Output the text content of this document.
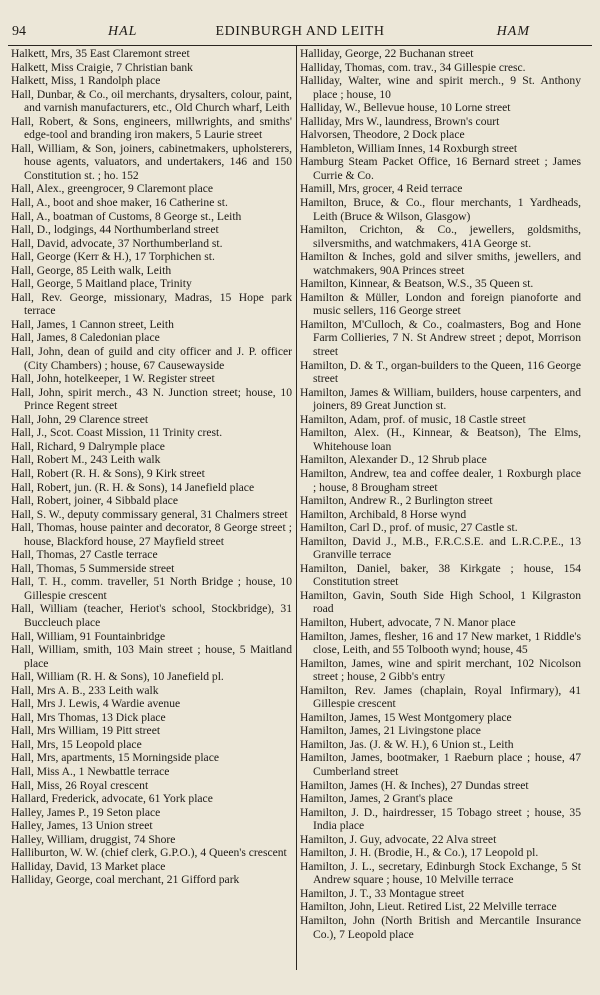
94	HAL	EDINBURGH AND LEITH	HAM
Halkett, Mrs, 35 East Claremont street
Halkett, Miss Craigie, 7 Christian bank
Halkett, Miss, 1 Randolph place
Hall, Dunbar, & Co., oil merchants, drysalters, colour, paint, and varnish manufacturers, etc., Old Church wharf, Leith
Hall, Robert, & Sons, engineers, millwrights, and smiths' edge-tool and branding iron makers, 5 Laurie street
Hall, William, & Son, joiners, cabinetmakers, upholsterers, house agents, valuators, and undertakers, 146 and 150 Constitution st. ; ho. 152
Hall, Alex., greengrocer, 9 Claremont place
Hall, A., boot and shoe maker, 16 Catherine st.
Hall, A., boatman of Customs, 8 George st., Leith
Hall, D., lodgings, 44 Northumberland street
Hall, David, advocate, 37 Northumberland st.
Hall, George (Kerr & H.), 17 Torphichen st.
Hall, George, 85 Leith walk, Leith
Hall, George, 5 Maitland place, Trinity
Hall, Rev. George, missionary, Madras, 15 Hope park terrace
Hall, James, 1 Cannon street, Leith
Hall, James, 8 Caledonian place
Hall, John, dean of guild and city officer and J. P. officer (City Chambers) ; house, 67 Causewayside
Hall, John, hotelkeeper, 1 W. Register street
Hall, John, spirit merch., 43 N. Junction street; house, 10 Prince Regent street
Hall, John, 29 Clarence street
Hall, J., Scot. Coast Mission, 11 Trinity crest.
Hall, Richard, 9 Dalrymple place
Hall, Robert M., 243 Leith walk
Hall, Robert (R. H. & Sons), 9 Kirk street
Hall, Robert, jun. (R. H. & Sons), 14 Janefield place
Hall, Robert, joiner, 4 Sibbald place
Hall, S. W., deputy commissary general, 31 Chalmers street
Hall, Thomas, house painter and decorator, 8 George street ; house, Blackford house, 27 Mayfield street
Hall, Thomas, 27 Castle terrace
Hall, Thomas, 5 Summerside street
Hall, T. H., comm. traveller, 51 North Bridge ; house, 10 Gillespie crescent
Hall, William (teacher, Heriot's school, Stockbridge), 31 Buccleuch place
Hall, William, 91 Fountainbridge
Hall, William, smith, 103 Main street ; house, 5 Maitland place
Hall, William (R. H. & Sons), 10 Janefield pl.
Hall, Mrs A. B., 233 Leith walk
Hall, Mrs J. Lewis, 4 Wardie avenue
Hall, Mrs Thomas, 13 Dick place
Hall, Mrs William, 19 Pitt street
Hall, Mrs, 15 Leopold place
Hall, Mrs, apartments, 15 Morningside place
Hall, Miss A., 1 Newbattle terrace
Hall, Miss, 26 Royal crescent
Hallard, Frederick, advocate, 61 York place
Halley, James P., 19 Seton place
Halley, James, 13 Union street
Halley, William, druggist, 74 Shore
Halliburton, W. W. (chief clerk, G.P.O.), 4 Queen's crescent
Halliday, David, 13 Market place
Halliday, George, coal merchant, 21 Gifford park
Halliday, George, 22 Buchanan street
Halliday, Thomas, com. trav., 34 Gillespie cresc.
Halliday, Walter, wine and spirit merch., 9 St. Anthony place ; house, 10
Halliday, W., Bellevue house, 10 Lorne street
Halliday, Mrs W., laundress, Brown's court
Halvorsen, Theodore, 2 Dock place
Hambleton, William Innes, 14 Roxburgh street
Hamburg Steam Packet Office, 16 Bernard street ; James Currie & Co.
Hamill, Mrs, grocer, 4 Reid terrace
Hamilton, Bruce, & Co., flour merchants, 1 Yardheads, Leith (Bruce & Wilson, Glasgow)
Hamilton, Crichton, & Co., jewellers, goldsmiths, silversmiths, and watchmakers, 41A George st.
Hamilton & Inches, gold and silver smiths, jewellers, and watchmakers, 90A Princes street
Hamilton, Kinnear, & Beatson, W.S., 35 Queen st.
Hamilton & Müller, London and foreign pianoforte and music sellers, 116 George street
Hamilton, M'Culloch, & Co., coalmasters, Bog and Hone Farm Collieries, 7 N. St Andrew street ; depot, Morrison street
Hamilton, D. & T., organ-builders to the Queen, 116 George street
Hamilton, James & William, builders, house carpenters, and joiners, 89 Great Junction st.
Hamilton, Adam, prof. of music, 18 Castle street
Hamilton, Alex. (H., Kinnear, & Beatson), The Elms, Whitehouse loan
Hamilton, Alexander D., 12 Shrub place
Hamilton, Andrew, tea and coffee dealer, 1 Roxburgh place ; house, 8 Brougham street
Hamilton, Andrew R., 2 Burlington street
Hamilton, Archibald, 8 Horse wynd
Hamilton, Carl D., prof. of music, 27 Castle st.
Hamilton, David J., M.B., F.R.C.S.E. and L.R.C.P.E., 13 Granville terrace
Hamilton, Daniel, baker, 38 Kirkgate ; house, 154 Constitution street
Hamilton, Gavin, South Side High School, 1 Kilgraston road
Hamilton, Hubert, advocate, 7 N. Manor place
Hamilton, James, flesher, 16 and 17 New market, 1 Riddle's close, Leith, and 55 Tolbooth wynd; house, 45
Hamilton, James, wine and spirit merchant, 102 Nicolson street ; house, 2 Gibb's entry
Hamilton, Rev. James (chaplain, Royal Infirmary), 41 Gillespie crescent
Hamilton, James, 15 West Montgomery place
Hamilton, James, 21 Livingstone place
Hamilton, Jas. (J. & W. H.), 6 Union st., Leith
Hamilton, James, bootmaker, 1 Raeburn place ; house, 47 Cumberland street
Hamilton, James (H. & Inches), 27 Dundas street
Hamilton, James, 2 Grant's place
Hamilton, J. D., hairdresser, 15 Tobago street ; house, 35 India place
Hamilton, J. Guy, advocate, 22 Alva street
Hamilton, J. H. (Brodie, H., & Co.), 17 Leopold pl.
Hamilton, J. L., secretary, Edinburgh Stock Exchange, 5 St Andrew square ; house, 10 Melville terrace
Hamilton, J. T., 33 Montague street
Hamilton, John, Lieut. Retired List, 22 Melville terrace
Hamilton, John (North British and Mercantile Insurance Co.), 7 Leopold place
